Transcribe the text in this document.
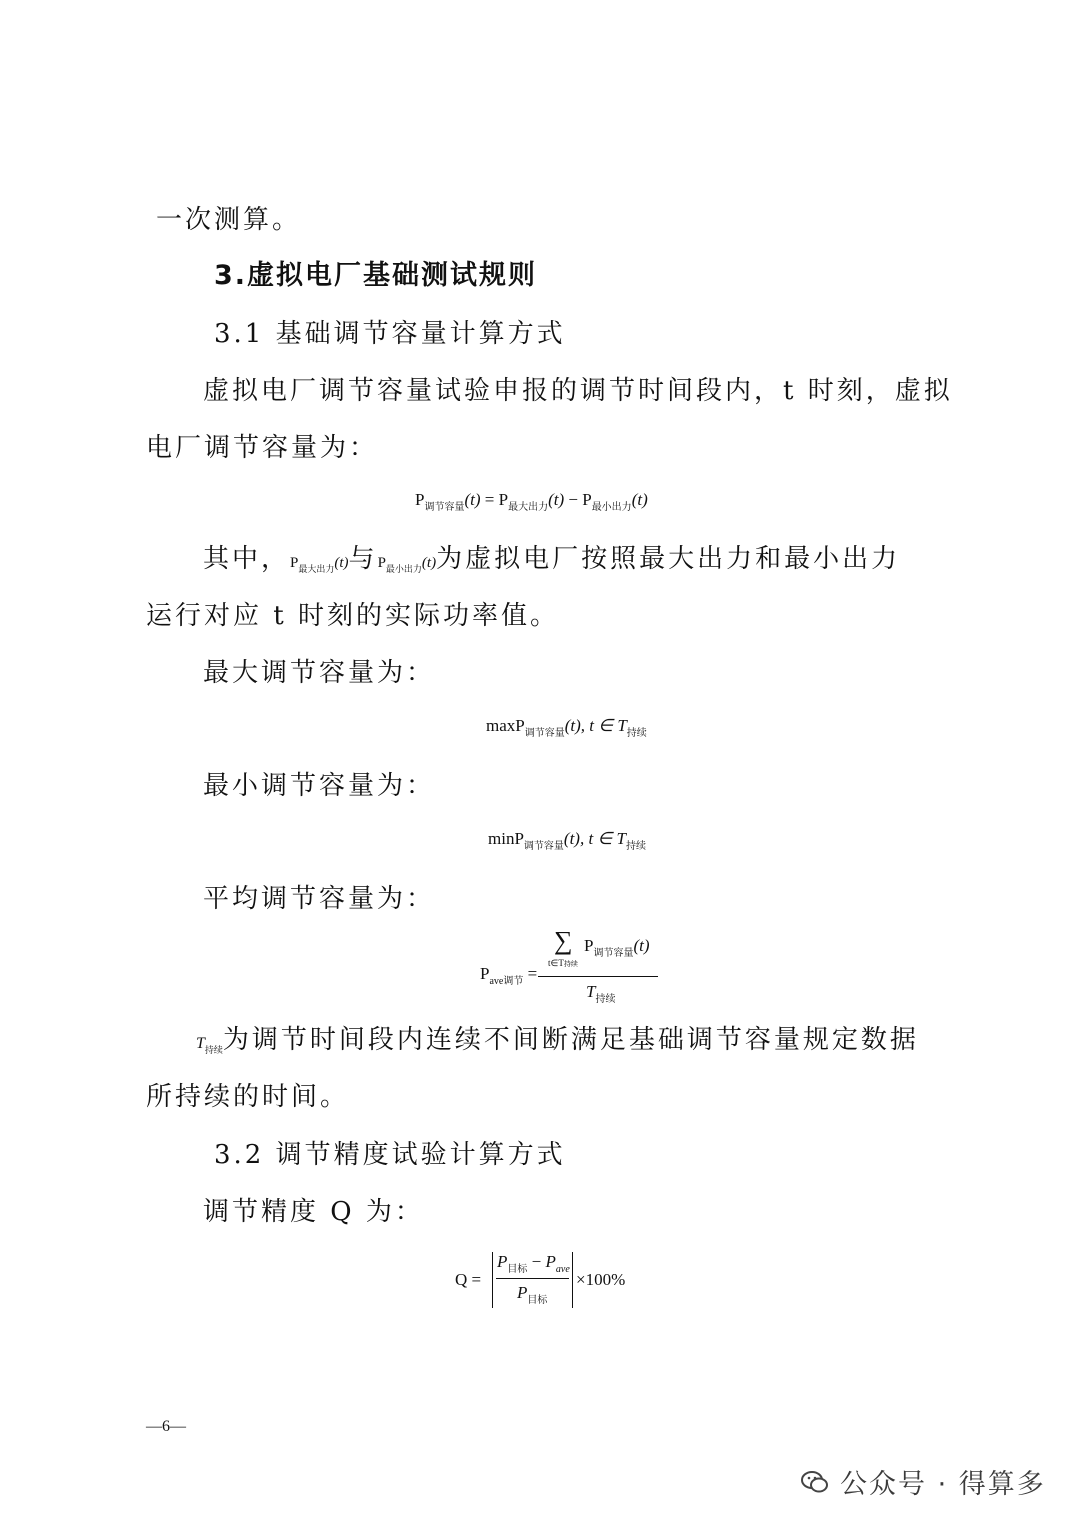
一次测算。
3.虚拟电厂基础测试规则
3.1 基础调节容量计算方式
虚拟电厂调节容量试验申报的调节时间段内，t 时刻，虚拟
电厂调节容量为：
$P_{调节容量}(t) = P_{最大出力}(t) - P_{最小出力}(t)$
其中，$P_{最大出力}(t)$与$P_{最小出力}(t)$为虚拟电厂按照最大出力和最小出力
运行对应 t 时刻的实际功率值。
最大调节容量为：
maxP$_{调节容量}$(t), t ∈ $T_{持续}$
最小调节容量为：
minP$_{调节容量}$(t), t ∈ $T_{持续}$
平均调节容量为：
$P_{ave调节}$ =
∑
t∈T持续
$P_{调节容量}(t)$
$T_{持续}$
$T_{持续}$为调节时间段内连续不间断满足基础调节容量规定数据
所持续的时间。
3.2 调节精度试验计算方式
调节精度 Q 为：
Q =
$P_{目标} - P_{ave}$
$P_{目标}$
×100%
—6—
公众号 · 得算多
